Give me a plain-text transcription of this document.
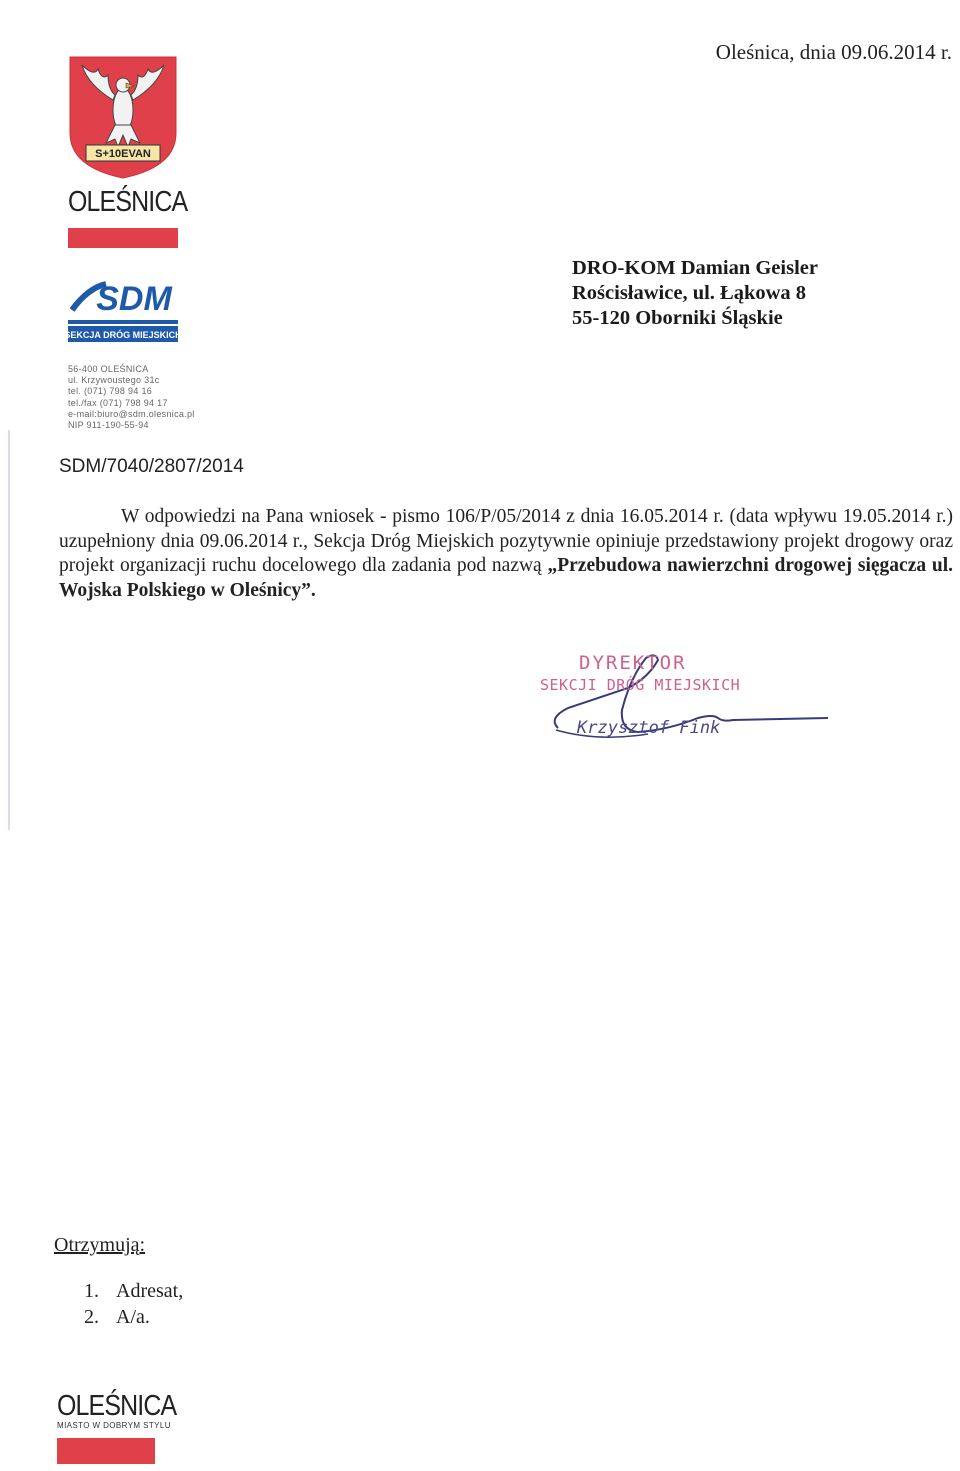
S+10EVAN
OLEŚNICA
SDM
SEKCJA DRÓG MIEJSKICH
56-400 OLEŚNICA
ul. Krzywoustego 31c
tel. (071) 798 94 16
tel./fax (071) 798 94 17
e-mail:biuro@sdm.olesnica.pl
NIP 911-190-55-94
Oleśnica, dnia 09.06.2014 r.
DRO-KOM Damian Geisler
Rościsławice, ul. Łąkowa 8
55-120 Oborniki Śląskie
SDM/7040/2807/2014
W odpowiedzi na Pana wniosek - pismo 106/P/05/2014 z dnia 16.05.2014 r. (data wpływu 19.05.2014 r.) uzupełniony dnia 09.06.2014 r., Sekcja Dróg Miejskich pozytywnie opiniuje przedstawiony projekt drogowy oraz projekt organizacji ruchu docelowego dla zadania pod nazwą „Przebudowa nawierzchni drogowej sięgacza ul. Wojska Polskiego w Oleśnicy”.
DYREKTOR
SEKCJI DRÓG MIEJSKICH
Krzysztof Fink
Otrzymują:
1. Adresat,
2. A/a.
OLEŚNICA
MIASTO W DOBRYM STYLU
